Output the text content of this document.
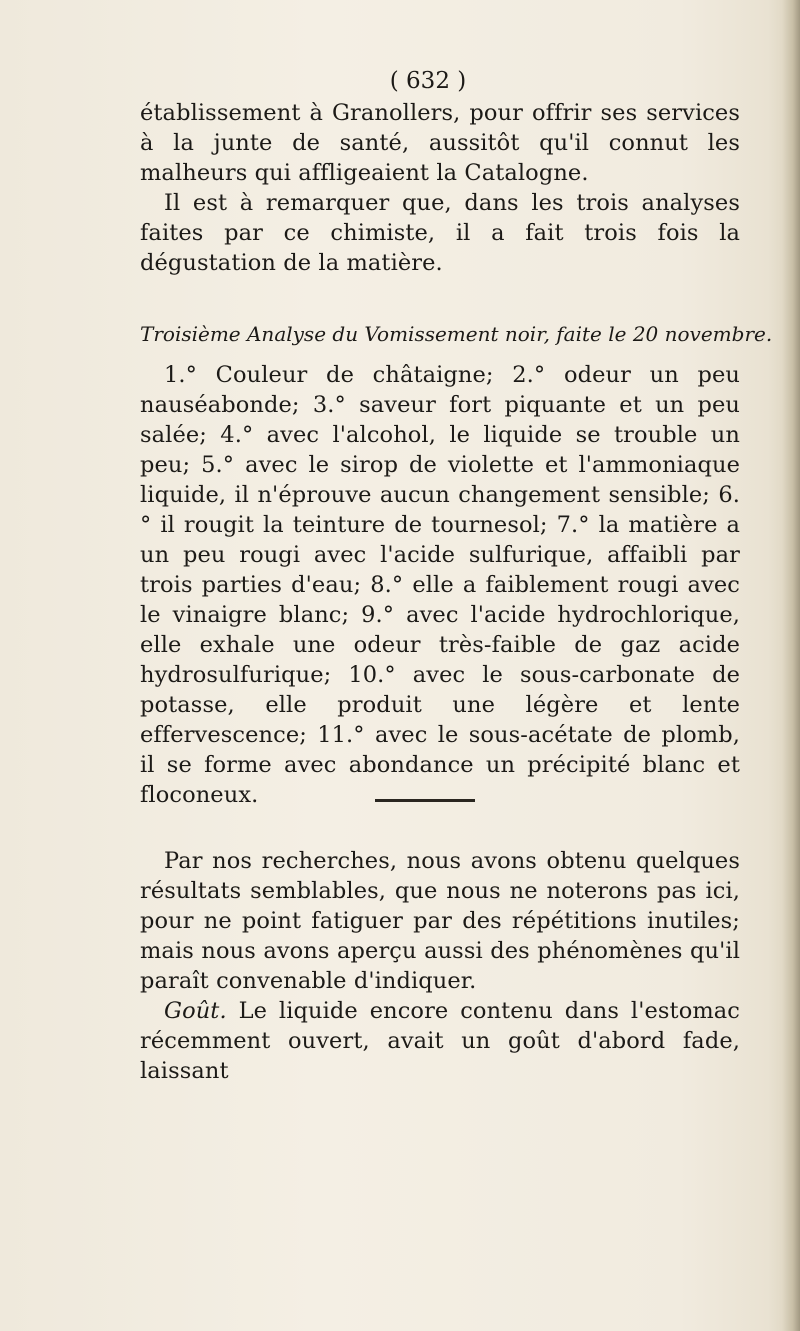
( 632 )

établissement à Granollers, pour offrir ses services à la junte de santé, aussitôt qu'il connut les malheurs qui affligeaient la Catalogne.

Il est à remarquer que, dans les trois analyses faites par ce chimiste, il a fait trois fois la dégustation de la matière.

Troisième Analyse du Vomissement noir, faite le 20 novembre.

1.° Couleur de châtaigne; 2.° odeur un peu nauséabonde; 3.° saveur fort piquante et un peu salée; 4.° avec l'alcohol, le liquide se trouble un peu; 5.° avec le sirop de violette et l'ammoniaque liquide, il n'éprouve aucun changement sensible; 6.° il rougit la teinture de tournesol; 7.° la matière a un peu rougi avec l'acide sulfurique, affaibli par trois parties d'eau; 8.° elle a faiblement rougi avec le vinaigre blanc; 9.° avec l'acide hydrochlorique, elle exhale une odeur très-faible de gaz acide hydrosulfurique; 10.° avec le sous-carbonate de potasse, elle produit une légère et lente effervescence; 11.° avec le sous-acétate de plomb, il se forme avec abondance un précipité blanc et floconeux.

Par nos recherches, nous avons obtenu quelques résultats semblables, que nous ne noterons pas ici, pour ne point fatiguer par des répétitions inutiles; mais nous avons aperçu aussi des phénomènes qu'il paraît convenable d'indiquer.

Goût. Le liquide encore contenu dans l'estomac récemment ouvert, avait un goût d'abord fade, laissant
